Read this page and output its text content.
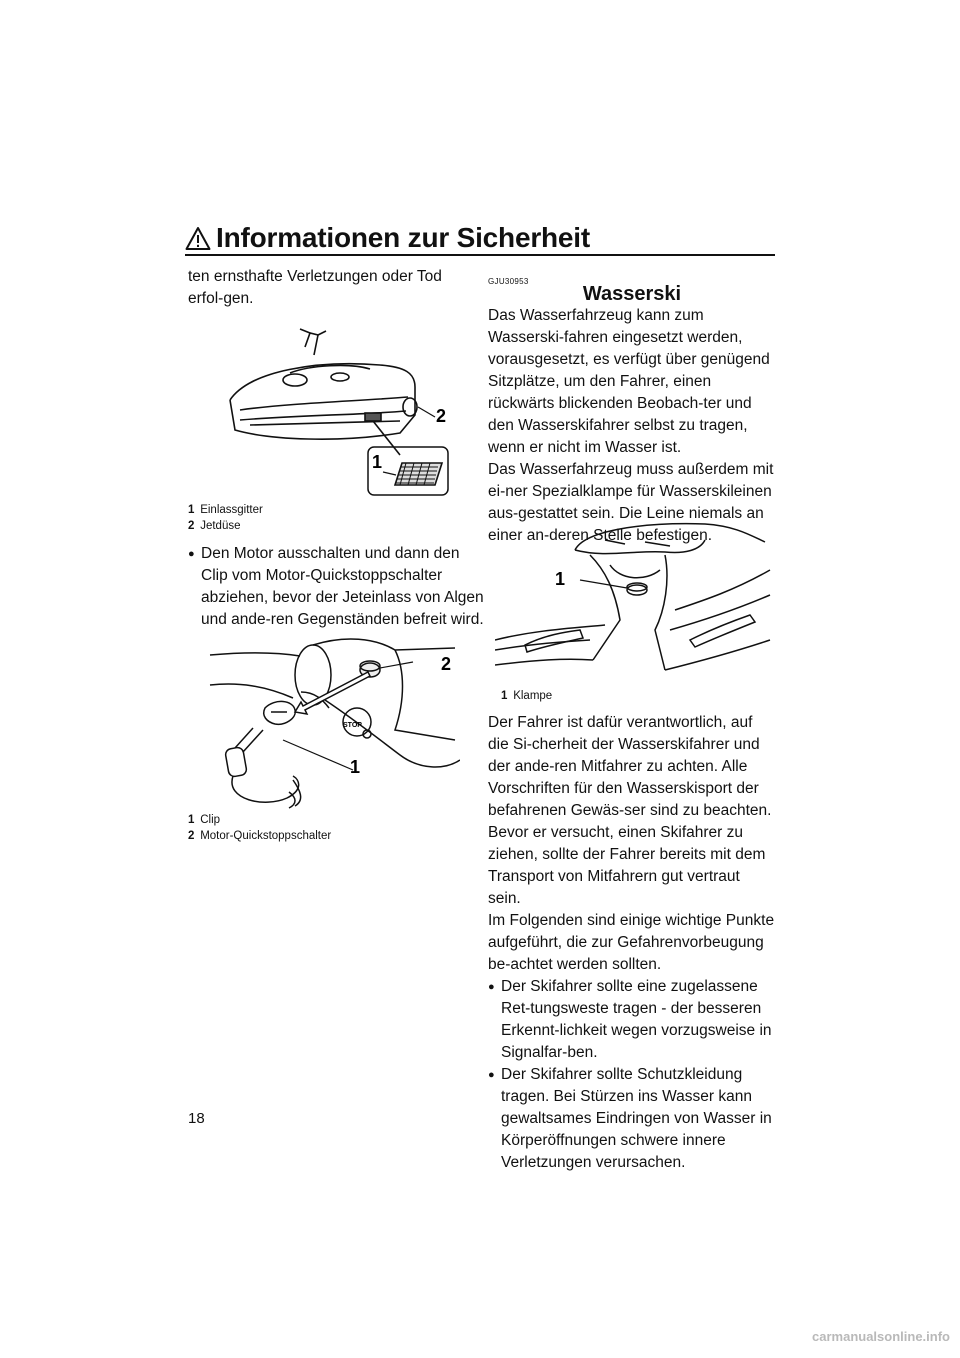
Informationen zur Sicherheit
ten ernsthafte Verletzungen oder Tod erfol-gen.
2
1
1 Einlassgitter
2 Jetdüse
● Den Motor ausschalten und dann den Clip vom Motor-Quickstoppschalter abziehen, bevor der Jeteinlass von Algen und ande-ren Gegenständen befreit wird.
STOP
2
1
1 Clip
2 Motor-Quickstoppschalter
GJU30953
Wasserski
Das Wasserfahrzeug kann zum Wasserski-fahren eingesetzt werden, vorausgesetzt, es verfügt über genügend Sitzplätze, um den Fahrer, einen rückwärts blickenden Beobach-ter und den Wasserskifahrer selbst zu tragen, wenn er nicht im Wasser ist.
Das Wasserfahrzeug muss außerdem mit ei-ner Spezialklampe für Wasserskileinen aus-gestattet sein. Die Leine niemals an einer an-deren Stelle befestigen.
1
1 Klampe
Der Fahrer ist dafür verantwortlich, auf die Si-cherheit der Wasserskifahrer und der ande-ren Mitfahrer zu achten. Alle Vorschriften für den Wasserskisport der befahrenen Gewäs-ser sind zu beachten.
Bevor er versucht, einen Skifahrer zu ziehen, sollte der Fahrer bereits mit dem Transport von Mitfahrern gut vertraut sein.
Im Folgenden sind einige wichtige Punkte aufgeführt, die zur Gefahrenvorbeugung be-achtet werden sollten.
● Der Skifahrer sollte eine zugelassene Ret-tungsweste tragen - der besseren Erkennt-lichkeit wegen vorzugsweise in Signalfar-ben.
● Der Skifahrer sollte Schutzkleidung tragen. Bei Stürzen ins Wasser kann gewaltsames Eindringen von Wasser in Körperöffnungen schwere innere Verletzungen verursachen.
18
carmanualsonline.info
